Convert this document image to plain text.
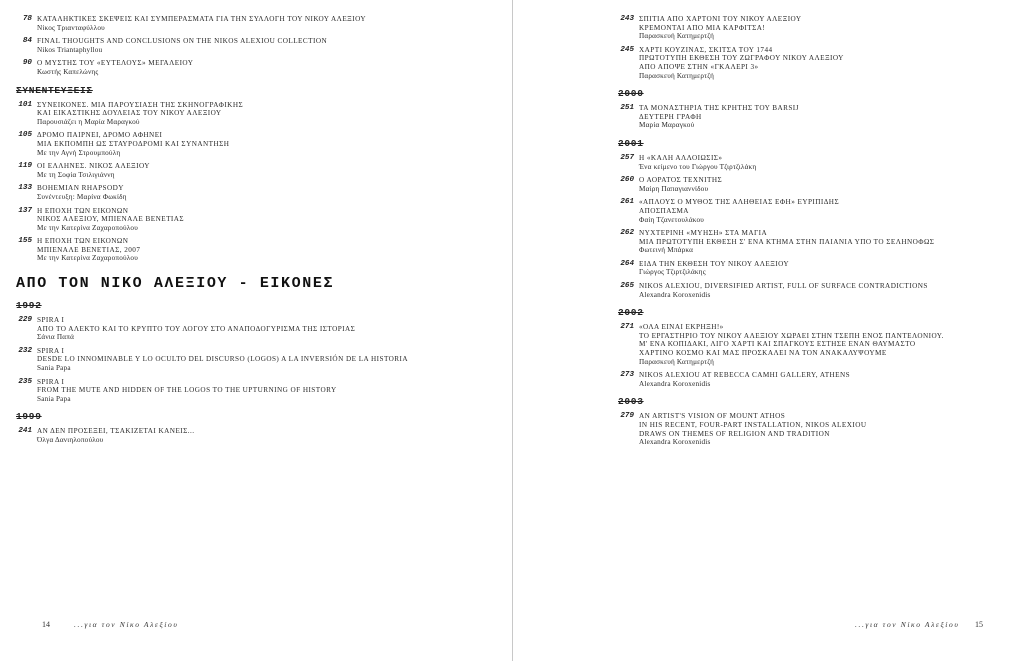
78 ΚΑΤΑΛΗΚΤΙΚΕΣ ΣΚΕΨΕΙΣ ΚΑΙ ΣΥΜΠΕΡΑΣΜΑΤΑ ΓΙΑ ΤΗΝ ΣΥΛΛΟΓΗ ΤΟΥ ΝΙΚΟΥ ΑΛΕΞΙΟΥ
Νίκος Τριανταφύλλου
84 FINAL THOUGHTS AND CONCLUSIONS ON THE NIKOS ALEXIOU COLLECTION
Nikos Triantaphyllou
90 Ο ΜΥΣΤΗΣ ΤΟΥ «ΕΥΤΕΛΟΥΣ» ΜΕΓΑΛΕΙΟΥ
Κωστής Καπελώνης
ΣΥΝΕΝΤΕΥΞΕΙΣ
101 ΣΥΝΕΙΚΟΝΕΣ. ΜΙΑ ΠΑΡΟΥΣΙΑΣΗ ΤΗΣ ΣΚΗΝΟΓΡΑΦΙΚΗΣ
ΚΑΙ ΕΙΚΑΣΤΙΚΗΣ ΔΟΥΛΕΙΑΣ ΤΟΥ ΝΙΚΟΥ ΑΛΕΞΙΟΥ
Παρουσιάζει η Μαρία Μαραγκού
105 ΔΡΟΜΟ ΠΑΙΡΝΕΙ, ΔΡΟΜΟ ΑΦΗΝΕΙ
ΜΙΑ ΕΚΠΟΜΠΗ ΩΣ ΣΤΑΥΡΟΔΡΟΜΙ ΚΑΙ ΣΥΝΑΝΤΗΣΗ
Με την Αγνή Στρουμπούλη
119 ΟΙ ΕΛΛΗΝΕΣ. ΝΙΚΟΣ ΑΛΕΞΙΟΥ
Με τη Σοφία Τσιλιγιάννη
133 BOHEMIAN RHAPSODY
Συνέντευξη: Μαρίνα Φωκίδη
137 Η ΕΠΟΧΗ ΤΩΝ ΕΙΚΟΝΩΝ
ΝΙΚΟΣ ΑΛΕΞΙΟΥ, ΜΠΙΕΝΑΛΕ ΒΕΝΕΤΙΑΣ
Με την Κατερίνα Ζαχαροπούλου
155 Η ΕΠΟΧΗ ΤΩΝ ΕΙΚΟΝΩΝ
ΜΠΙΕΝΑΛΕ ΒΕΝΕΤΙΑΣ, 2007
Με την Κατερίνα Ζαχαροπούλου
ΑΠΟ ΤΟΝ ΝΙΚΟ ΑΛΕΞΙΟΥ - ΕΙΚΟΝΕΣ
1992
229 SPIRA I
ΑΠΟ ΤΟ ΑΛΕΚΤΟ ΚΑΙ ΤΟ ΚΡΥΠΤΟ ΤΟΥ ΛΟΓΟΥ ΣΤΟ ΑΝΑΠΟΔΟΓΥΡΙΣΜΑ ΤΗΣ ΙΣΤΟΡΙΑΣ
Σάνια Παπά
232 SPIRA I
DESDE LO INNOMINABLE Y LO OCULTO DEL DISCURSO (LOGOS) A LA INVERSIÓN DE LA HISTORIA
Sania Papa
235 SPIRA I
FROM THE MUTE AND HIDDEN OF THE LOGOS TO THE UPTURNING OF HISTORY
Sania Papa
1999
241 ΑΝ ΔΕΝ ΠΡΟΣΕΞΕΙ, ΤΣΑΚΙΖΕΤΑΙ ΚΑΝΕΙΣ...
Όλγα Δανιηλοπούλου
14	...για τον Νίκο Αλεξίου
243 ΣΠΙΤΙΑ ΑΠΟ ΧΑΡΤΟΝΙ ΤΟΥ ΝΙΚΟΥ ΑΛΕΞΙΟΥ
ΚΡΕΜΟΝΤΑΙ ΑΠΟ ΜΙΑ ΚΑΡΦΙΤΣΑ!
Παρασκευή Κατημερτζή
245 ΧΑΡΤΙ ΚΟΥΖΙΝΑΣ, ΣΚΙΤΣΑ ΤΟΥ 1744
ΠΡΩΤΟΤΥΠΗ ΕΚΘΕΣΗ ΤΟΥ ΖΩΓΡΑΦΟΥ ΝΙΚΟΥ ΑΛΕΞΙΟΥ
ΑΠΟ ΑΠΟΨΕ ΣΤΗΝ «ΓΚΑΛΕΡΙ 3»
Παρασκευή Κατημερτζή
2000
251 ΤΑ ΜΟΝΑΣΤΗΡΙΑ ΤΗΣ ΚΡΗΤΗΣ ΤΟΥ BARSIJ
ΔΕΥΤΕΡΗ ΓΡΑΦΗ
Μαρία Μαραγκού
2001
257 Η «ΚΑΛΗ ΑΛΛΟΙΩΣΙΣ»
Ένα κείμενο του Γιώργου Τζιρτζιλάκη
260 Ο ΑΟΡΑΤΟΣ ΤΕΧΝΙΤΗΣ
Μαίρη Παπαγιαννίδου
261 «ΑΠΛΟΥΣ Ο ΜΥΘΟΣ ΤΗΣ ΑΛΗΘΕΙΑΣ ΕΦΗ» ΕΥΡΙΠΙΔΗΣ
ΑΠΟΣΠΑΣΜΑ
Φαίη Τζανετουλάκου
262 ΝΥΧΤΕΡΙΝΗ «ΜΥΗΣΗ» ΣΤΑ ΜΑΓΙΑ
ΜΙΑ ΠΡΩΤΟΤΥΠΗ ΕΚΘΕΣΗ Σ' ΕΝΑ ΚΤΗΜΑ ΣΤΗΝ ΠΑΙΑΝΙΑ ΥΠΟ ΤΟ ΣΕΛΗΝΟΦΩΣ
Φωτεινή Μπάρκα
264 ΕΙΔΑ ΤΗΝ ΕΚΘΕΣΗ ΤΟΥ ΝΙΚΟΥ ΑΛΕΞΙΟΥ
Γιώργος Τζιρτζιλάκης
265 NIKOS ALEXIOU, DIVERSIFIED ARTIST, FULL OF SURFACE CONTRADICTIONS
Alexandra Koroxenidis
2002
271 «ΟΛΑ ΕΙΝΑΙ ΕΚΡΗΞΗ!»
ΤΟ ΕΡΓΑΣΤΗΡΙΟ ΤΟΥ ΝΙΚΟΥ ΑΛΕΞΙΟΥ ΧΩΡΑΕΙ ΣΤΗΝ ΤΣΕΠΗ ΕΝΟΣ ΠΑΝΤΕΛΟΝΙΟΥ.
Μ' ΕΝΑ ΚΟΠΙΔΑΚΙ, ΛΙΓΟ ΧΑΡΤΙ ΚΑΙ ΣΠΑΓΚΟΥΣ ΕΣΤΗΣΕ ΕΝΑΝ ΘΑΥΜΑΣΤΟ
ΧΑΡΤΙΝΟ ΚΟΣΜΟ ΚΑΙ ΜΑΣ ΠΡΟΣΚΑΛΕΙ ΝΑ ΤΟΝ ΑΝΑΚΑΛΥΨΟΥΜΕ
Παρασκευή Κατημερτζή
273 NIKOS ALEXIOU AT REBECCA CAMHI GALLERY, ATHENS
Alexandra Koroxenidis
2003
279 AN ARTIST'S VISION OF MOUNT ATHOS
IN HIS RECENT, FOUR-PART INSTALLATION, NIKOS ALEXIOU
DRAWS ON THEMES OF RELIGION AND TRADITION
Alexandra Koroxenidis
...για τον Νίκο Αλεξίου 15
